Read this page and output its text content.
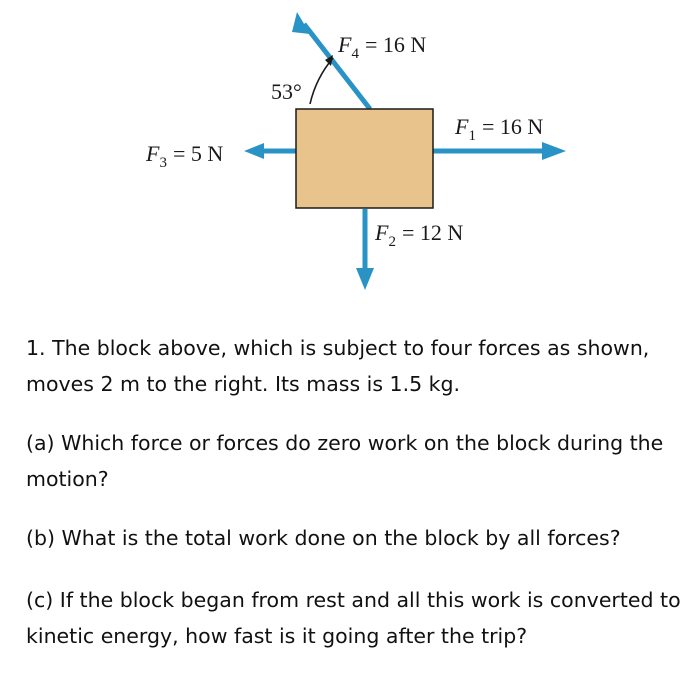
53°
$F_4 = 16$ N
$F_1 = 16$ N
$F_3 = 5$ N
$F_2 = 12$ N

1. The block above, which is subject to four forces as shown, moves 2 m to the right. Its mass is 1.5 kg.

(a) Which force or forces do zero work on the block during the motion?

(b) What is the total work done on the block by all forces?

(c) If the block began from rest and all this work is converted to kinetic energy, how fast is it going after the trip?
